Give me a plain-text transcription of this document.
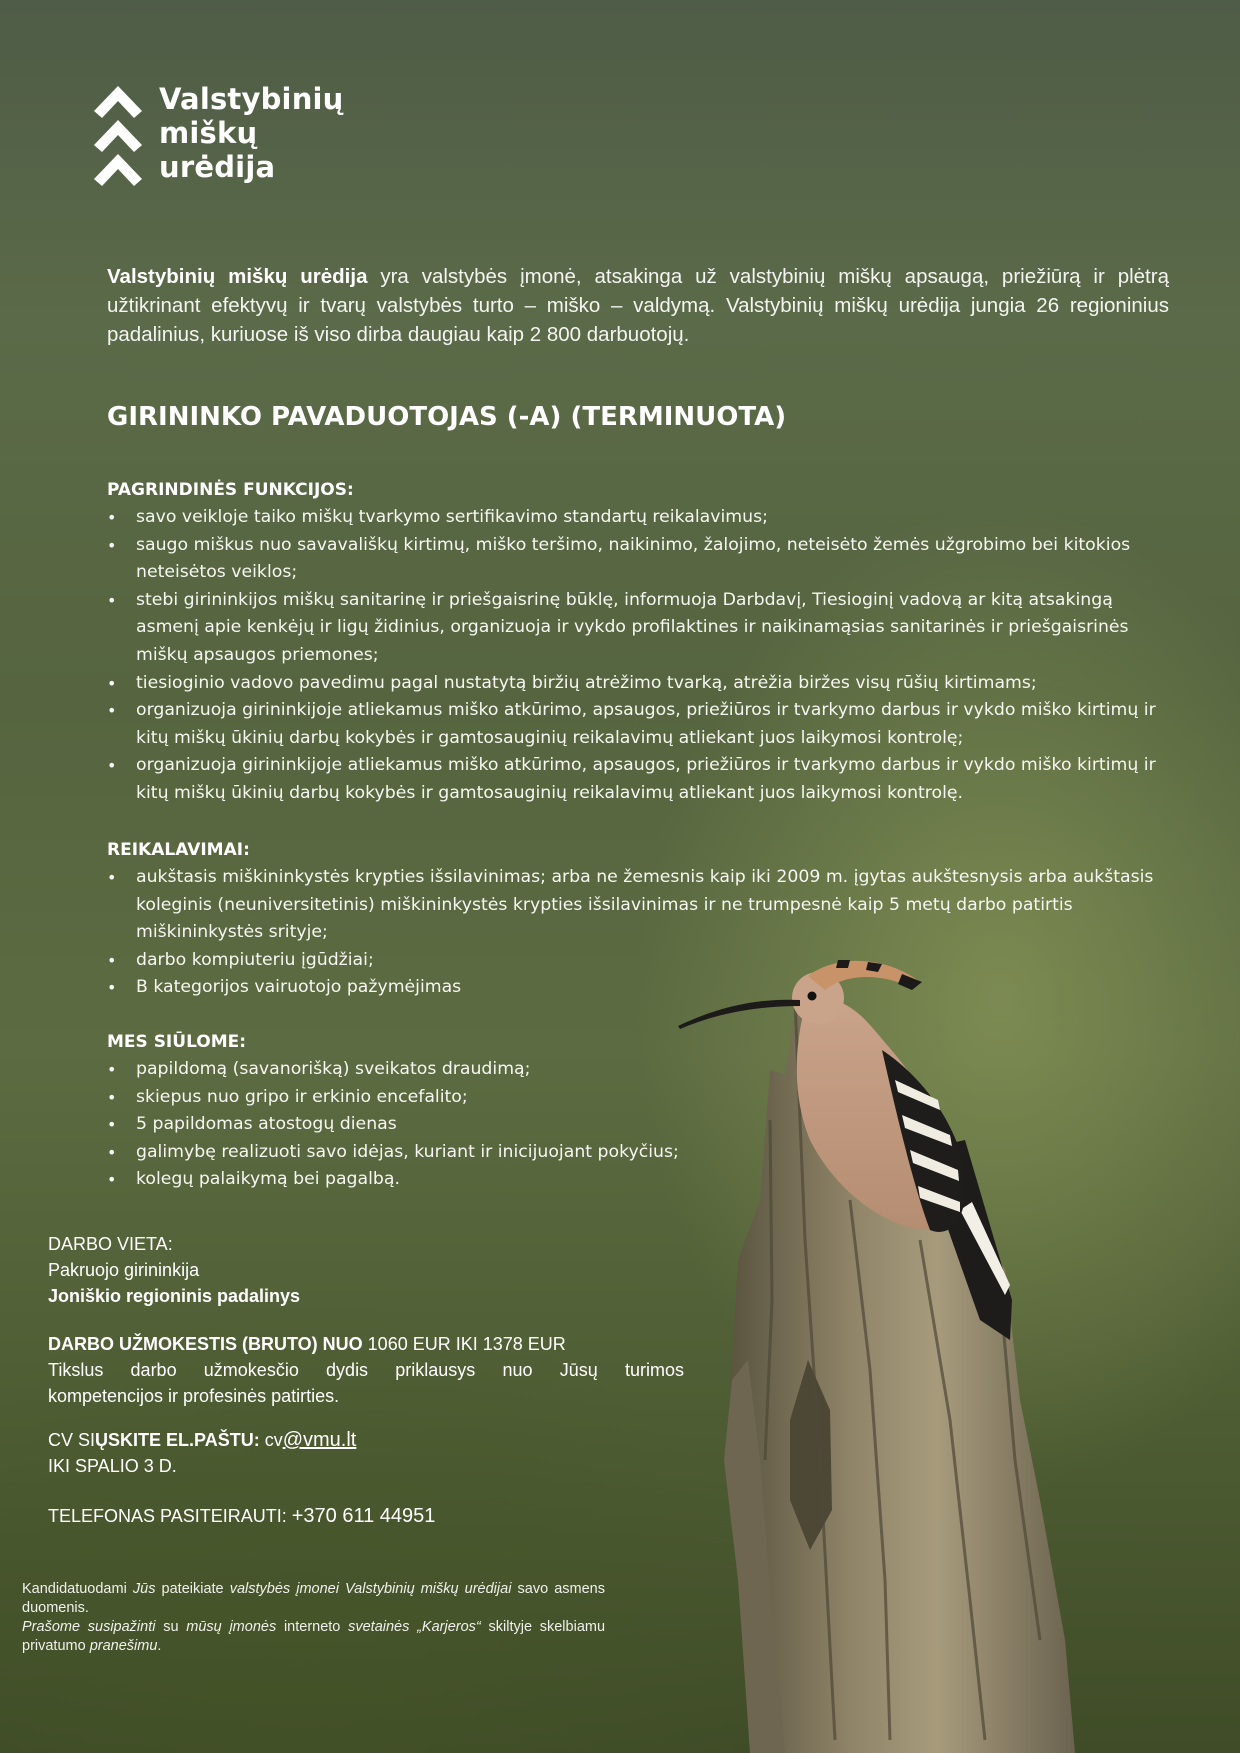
Valstybinių
miškų
urėdija
Valstybinių miškų urėdija yra valstybės įmonė, atsakinga už valstybinių miškų apsaugą, priežiūrą ir plėtrą užtikrinant efektyvų ir tvarų valstybės turto – miško – valdymą. Valstybinių miškų urėdija jungia 26 regioninius padalinius, kuriuose iš viso dirba daugiau kaip 2 800 darbuotojų.
GIRININKO PAVADUOTOJAS (-A) (TERMINUOTA)
PAGRINDINĖS FUNKCIJOS:
• savo veikloje taiko miškų tvarkymo sertifikavimo standartų reikalavimus;
• saugo miškus nuo savavališkų kirtimų, miško teršimo, naikinimo, žalojimo, neteisėto žemės užgrobimo bei kitokios neteisėtos veiklos;
• stebi girininkijos miškų sanitarinę ir priešgaisrinę būklę, informuoja Darbdavį, Tiesioginį vadovą ar kitą atsakingą asmenį apie kenkėjų ir ligų židinius, organizuoja ir vykdo profilaktines ir naikinamąsias sanitarinės ir priešgaisrinės miškų apsaugos priemones;
• tiesioginio vadovo pavedimu pagal nustatytą biržių atrėžimo tvarką, atrėžia biržes visų rūšių kirtimams;
• organizuoja girininkijoje atliekamus miško atkūrimo, apsaugos, priežiūros ir tvarkymo darbus ir vykdo miško kirtimų ir kitų miškų ūkinių darbų kokybės ir gamtosauginių reikalavimų atliekant juos laikymosi kontrolę;
• organizuoja girininkijoje atliekamus miško atkūrimo, apsaugos, priežiūros ir tvarkymo darbus ir vykdo miško kirtimų ir kitų miškų ūkinių darbų kokybės ir gamtosauginių reikalavimų atliekant juos laikymosi kontrolę.
REIKALAVIMAI:
• aukštasis miškininkystės krypties išsilavinimas; arba ne žemesnis kaip iki 2009 m. įgytas aukštesnysis arba aukštasis koleginis (neuniversitetinis) miškininkystės krypties išsilavinimas ir ne trumpesnė kaip 5 metų darbo patirtis miškininkystės srityje;
• darbo kompiuteriu įgūdžiai;
• B kategorijos vairuotojo pažymėjimas
MES SIŪLOME:
• papildomą (savanorišką) sveikatos draudimą;
• skiepus nuo gripo ir erkinio encefalito;
• 5 papildomas atostogų dienas
• galimybę realizuoti savo idėjas, kuriant ir inicijuojant pokyčius;
• kolegų palaikymą bei pagalbą.
DARBO VIETA:
Pakruojo girininkija
Joniškio regioninis padalinys
DARBO UŽMOKESTIS (BRUTO) NUO 1060 EUR IKI 1378 EUR
Tikslus darbo užmokesčio dydis priklausys nuo Jūsų turimos
kompetencijos ir profesinės patirties.
CV SIŲSKITE EL.PAŠTU: cv@vmu.lt
IKI SPALIO 3 D.
TELEFONAS PASITEIRAUTI: +370 611 44951
Kandidatuodami Jūs pateikiate valstybės įmonei Valstybinių miškų urėdijai savo asmens duomenis.
Prašome susipažinti su mūsų įmonės interneto svetainės „Karjeros“ skiltyje skelbiamu privatumo pranešimu.
